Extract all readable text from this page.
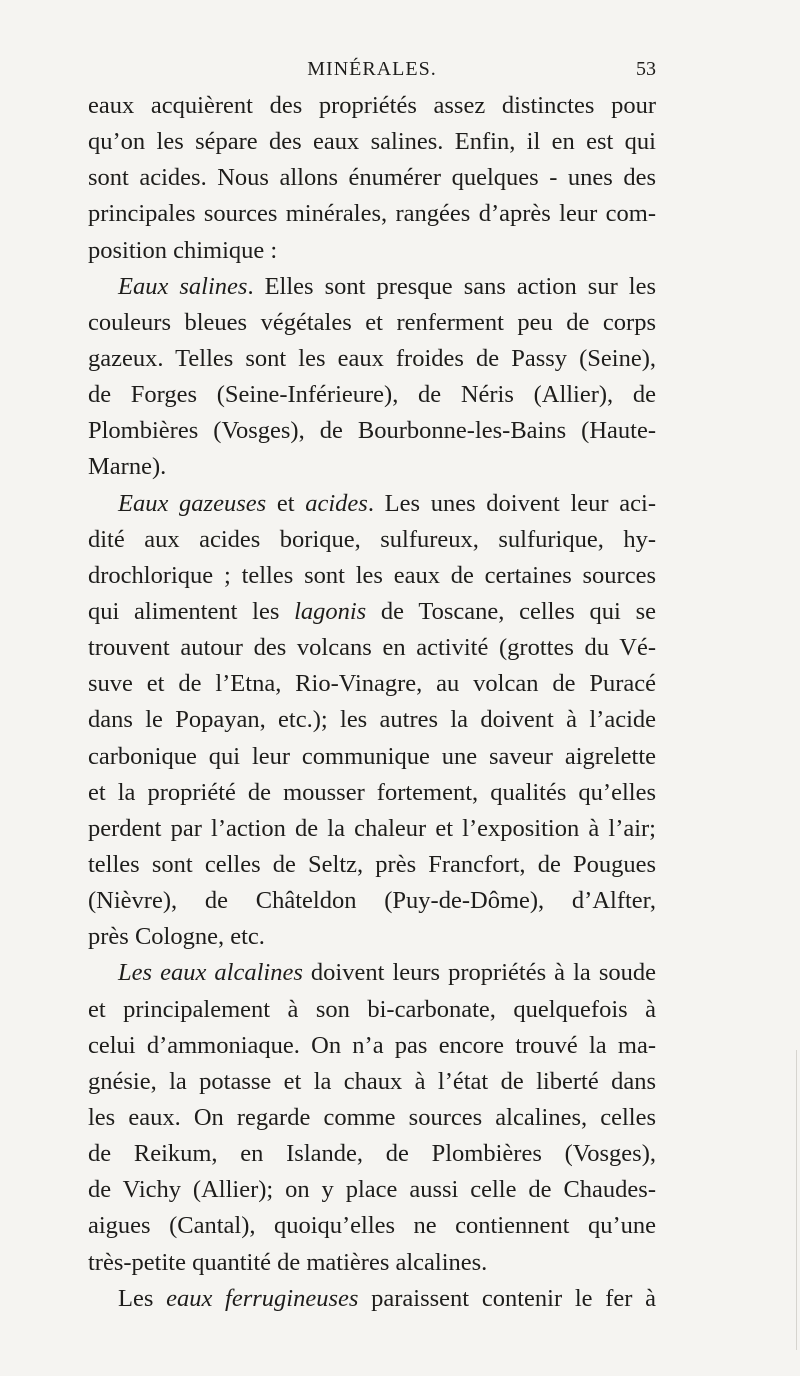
MINÉRALES.	53
eaux acquièrent des propriétés assez distinctes pour
qu’on les sépare des eaux salines. Enfin, il en est qui
sont acides. Nous allons énumérer quelques - unes des
principales sources minérales, rangées d’après leur com-
position chimique :
Eaux salines. Elles sont presque sans action sur les
couleurs bleues végétales et renferment peu de corps
gazeux. Telles sont les eaux froides de Passy (Seine),
de Forges (Seine-Inférieure), de Néris (Allier), de
Plombières (Vosges), de Bourbonne-les-Bains (Haute-
Marne).
Eaux gazeuses et acides. Les unes doivent leur aci-
dité aux acides borique, sulfureux, sulfurique, hy-
drochlorique ; telles sont les eaux de certaines sources
qui alimentent les lagonis de Toscane, celles qui se
trouvent autour des volcans en activité (grottes du Vé-
suve et de l’Etna, Rio-Vinagre, au volcan de Puracé
dans le Popayan, etc.); les autres la doivent à l’acide
carbonique qui leur communique une saveur aigrelette
et la propriété de mousser fortement, qualités qu’elles
perdent par l’action de la chaleur et l’exposition à l’air;
telles sont celles de Seltz, près Francfort, de Pougues
(Nièvre), de Châteldon (Puy-de-Dôme), d’Alfter,
près Cologne, etc.
Les eaux alcalines doivent leurs propriétés à la soude
et principalement à son bi-carbonate, quelquefois à
celui d’ammoniaque. On n’a pas encore trouvé la ma-
gnésie, la potasse et la chaux à l’état de liberté dans
les eaux. On regarde comme sources alcalines, celles
de Reikum, en Islande, de Plombières (Vosges),
de Vichy (Allier); on y place aussi celle de Chaudes-
aigues (Cantal), quoiqu’elles ne contiennent qu’une
très-petite quantité de matières alcalines.
Les eaux ferrugineuses paraissent contenir le fer à
